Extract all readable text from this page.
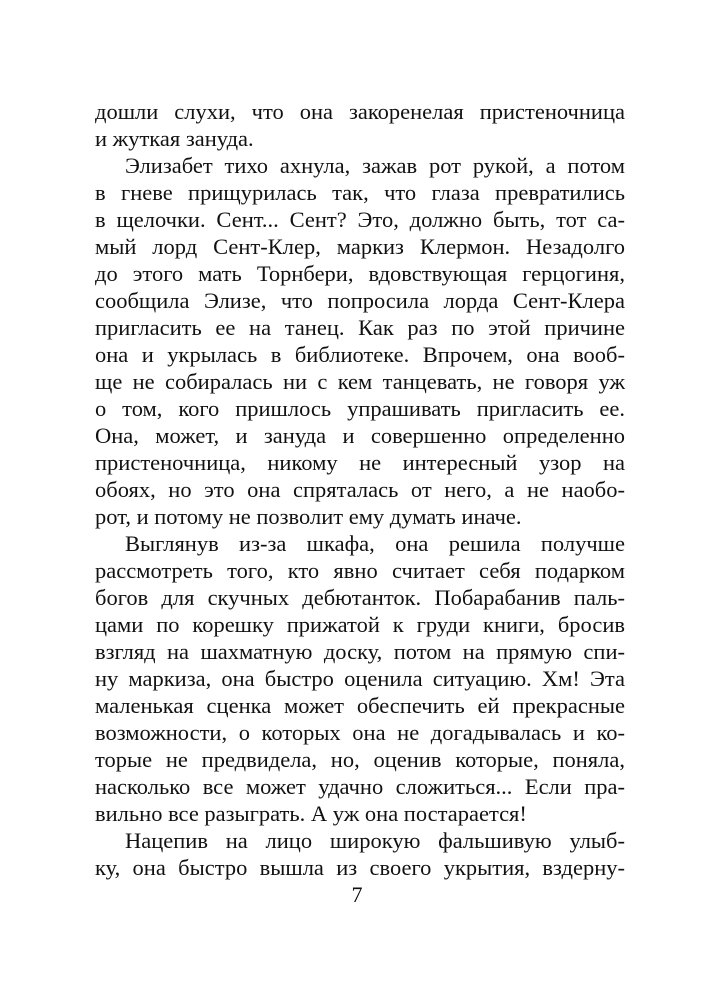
дошли слухи, что она закоренелая пристеночница
и жуткая зануда.
Элизабет тихо ахнула, зажав рот рукой, а потом
в гневе прищурилась так, что глаза превратились
в щелочки. Сент... Сент? Это, должно быть, тот са-
мый лорд Сент-Клер, маркиз Клермон. Незадолго
до этого мать Торнбери, вдовствующая герцогиня,
сообщила Элизе, что попросила лорда Сент-Клера
пригласить ее на танец. Как раз по этой причине
она и укрылась в библиотеке. Впрочем, она вооб-
ще не собиралась ни с кем танцевать, не говоря уж
о том, кого пришлось упрашивать пригласить ее.
Она, может, и зануда и совершенно определенно
пристеночница, никому не интересный узор на
обоях, но это она спряталась от него, а не наобо-
рот, и потому не позволит ему думать иначе.
Выглянув из-за шкафа, она решила получше
рассмотреть того, кто явно считает себя подарком
богов для скучных дебютанток. Побарабанив паль-
цами по корешку прижатой к груди книги, бросив
взгляд на шахматную доску, потом на прямую спи-
ну маркиза, она быстро оценила ситуацию. Хм! Эта
маленькая сценка может обеспечить ей прекрасные
возможности, о которых она не догадывалась и ко-
торые не предвидела, но, оценив которые, поняла,
насколько все может удачно сложиться... Если пра-
вильно все разыграть. А уж она постарается!
Нацепив на лицо широкую фальшивую улыб-
ку, она быстро вышла из своего укрытия, вздерну-
7
